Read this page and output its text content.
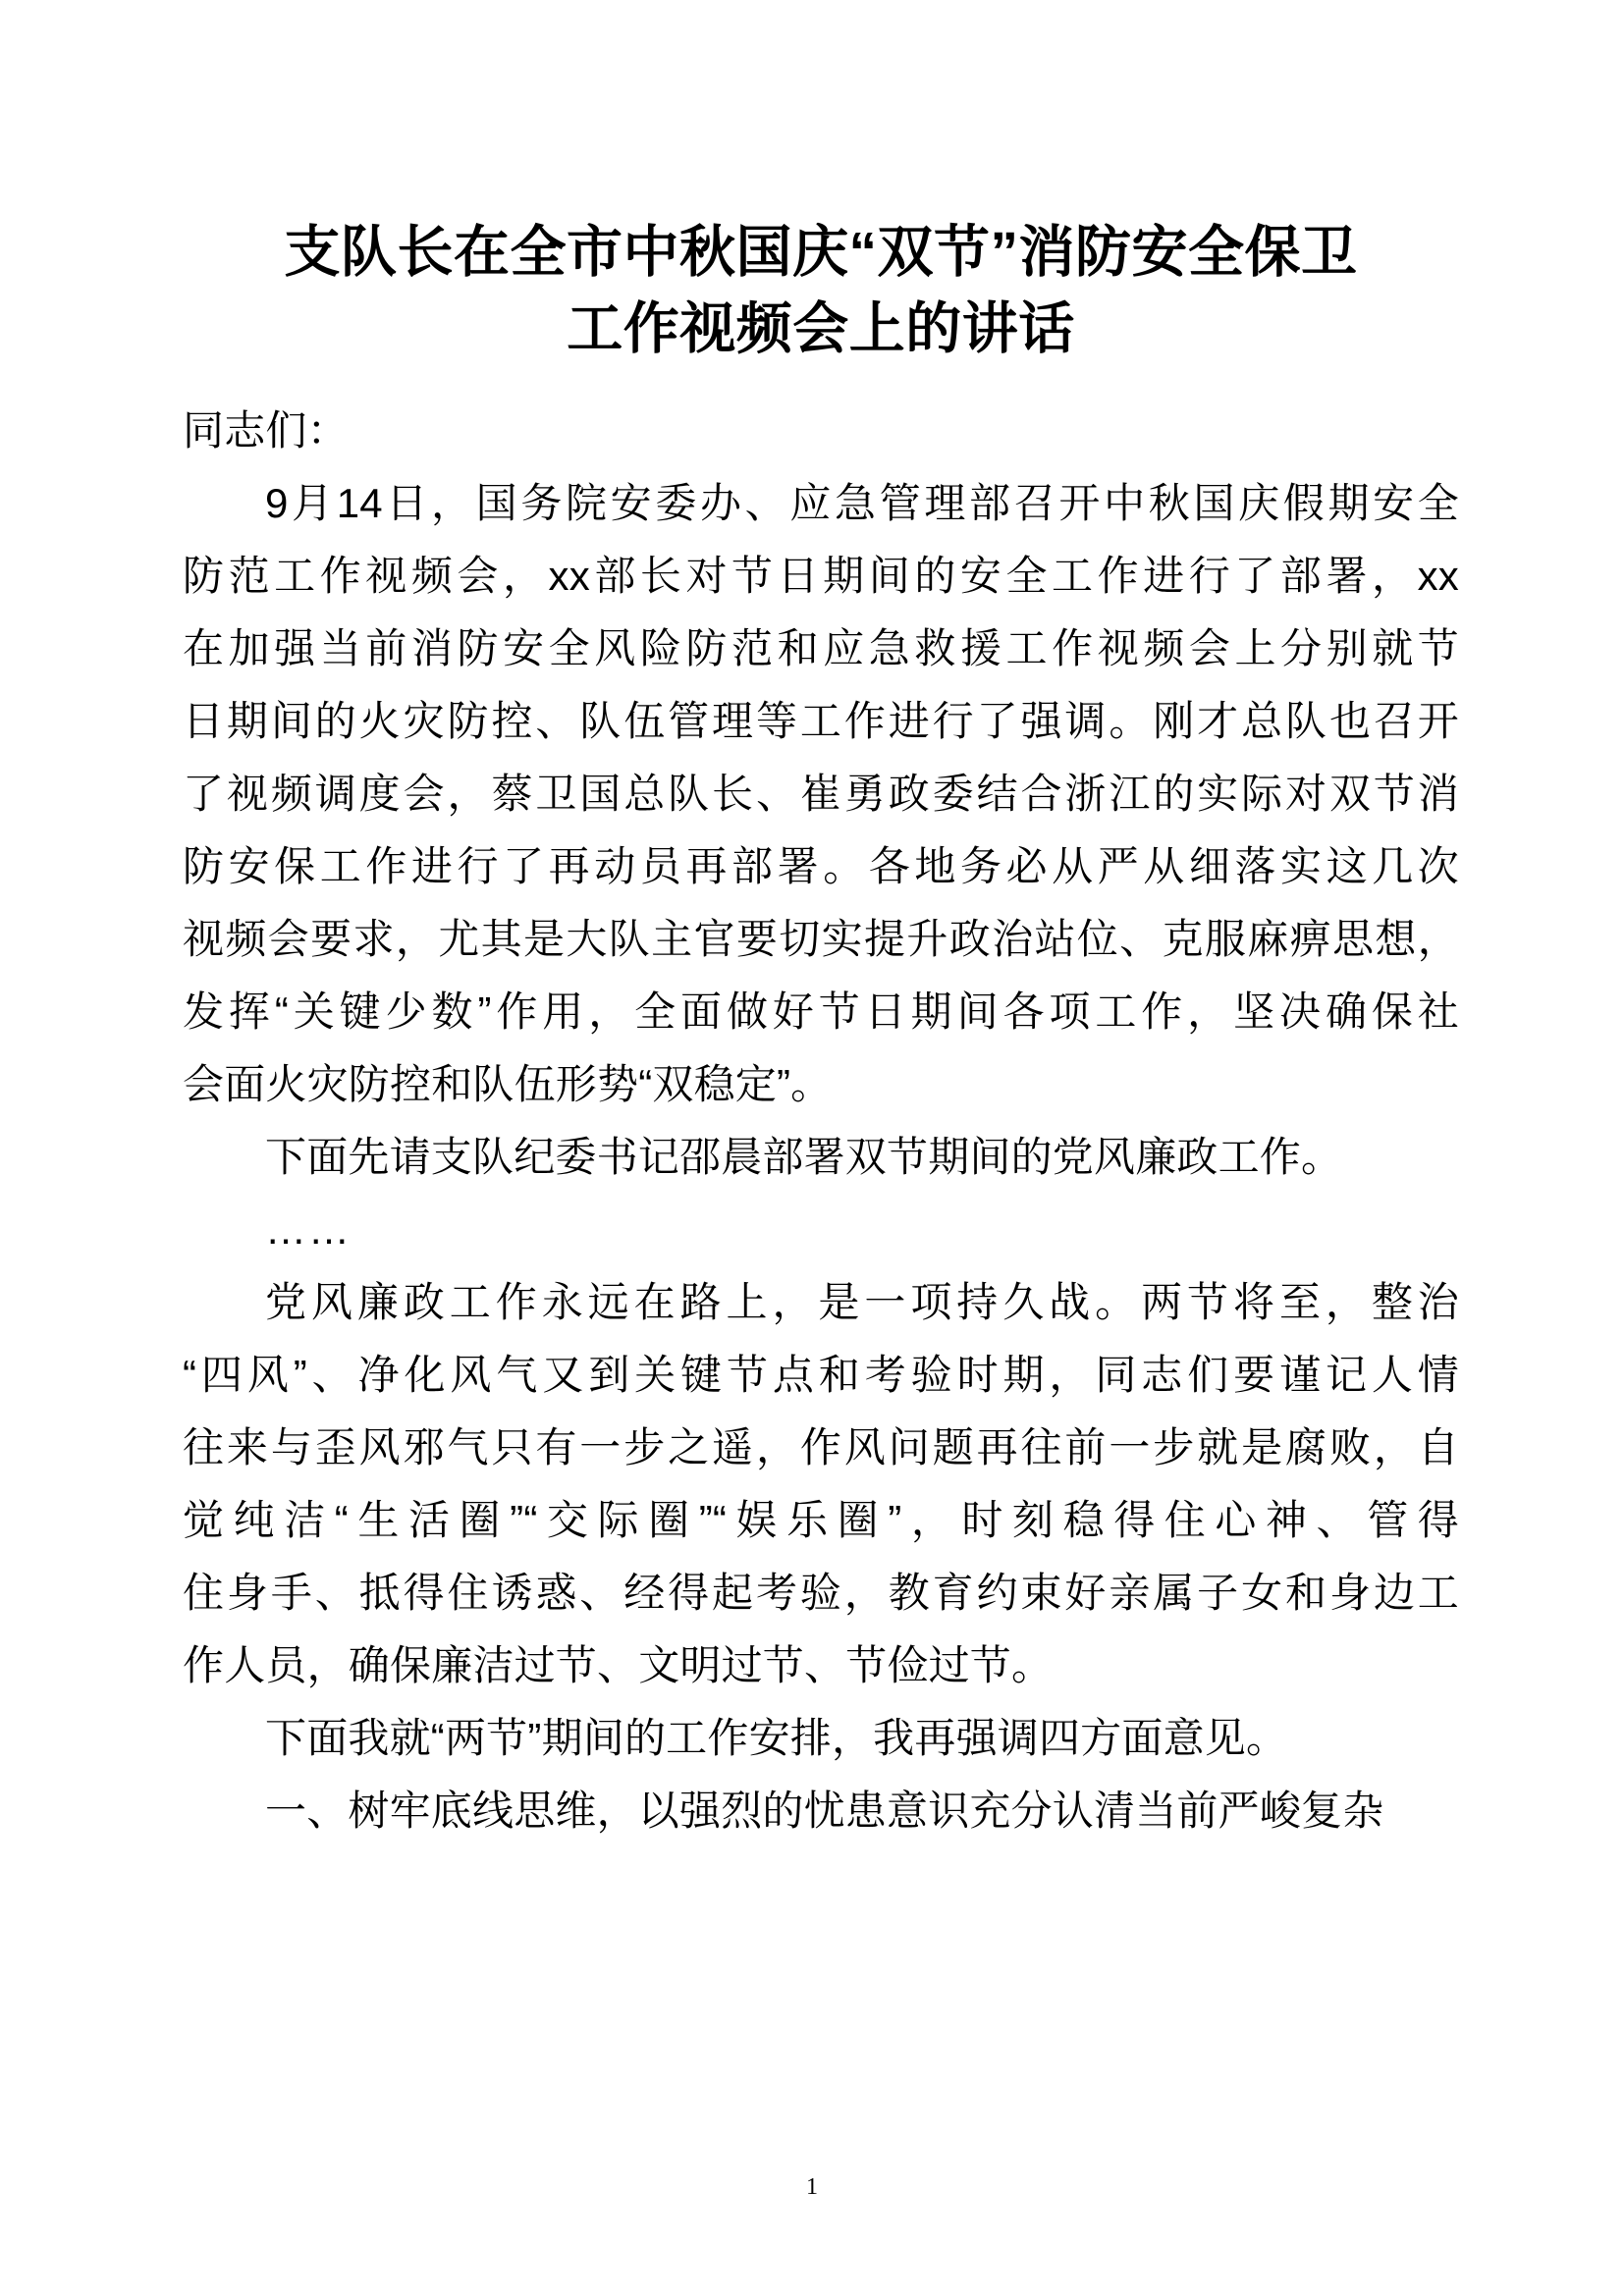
支队长在全市中秋国庆“双节”消防安全保卫
工作视频会上的讲话

同志们：

9月14日，国务院安委办、应急管理部召开中秋国庆假期安全
防范工作视频会，xx部长对节日期间的安全工作进行了部署，xx
在加强当前消防安全风险防范和应急救援工作视频会上分别就节
日期间的火灾防控、队伍管理等工作进行了强调。刚才总队也召开
了视频调度会，蔡卫国总队长、崔勇政委结合浙江的实际对双节消
防安保工作进行了再动员再部署。各地务必从严从细落实这几次
视频会要求，尤其是大队主官要切实提升政治站位、克服麻痹思想，
发挥“关键少数”作用，全面做好节日期间各项工作，坚决确保社
会面火灾防控和队伍形势“双稳定”。

下面先请支队纪委书记邵晨部署双节期间的党风廉政工作。

……

党风廉政工作永远在路上，是一项持久战。两节将至，整治
“四风”、净化风气又到关键节点和考验时期，同志们要谨记人情
往来与歪风邪气只有一步之遥，作风问题再往前一步就是腐败，自
觉纯洁“生活圈”“交际圈”“娱乐圈”，时刻稳得住心神、管得
住身手、抵得住诱惑、经得起考验，教育约束好亲属子女和身边工
作人员，确保廉洁过节、文明过节、节俭过节。

下面我就“两节”期间的工作安排，我再强调四方面意见。

一、树牢底线思维，以强烈的忧患意识充分认清当前严峻复杂

1
